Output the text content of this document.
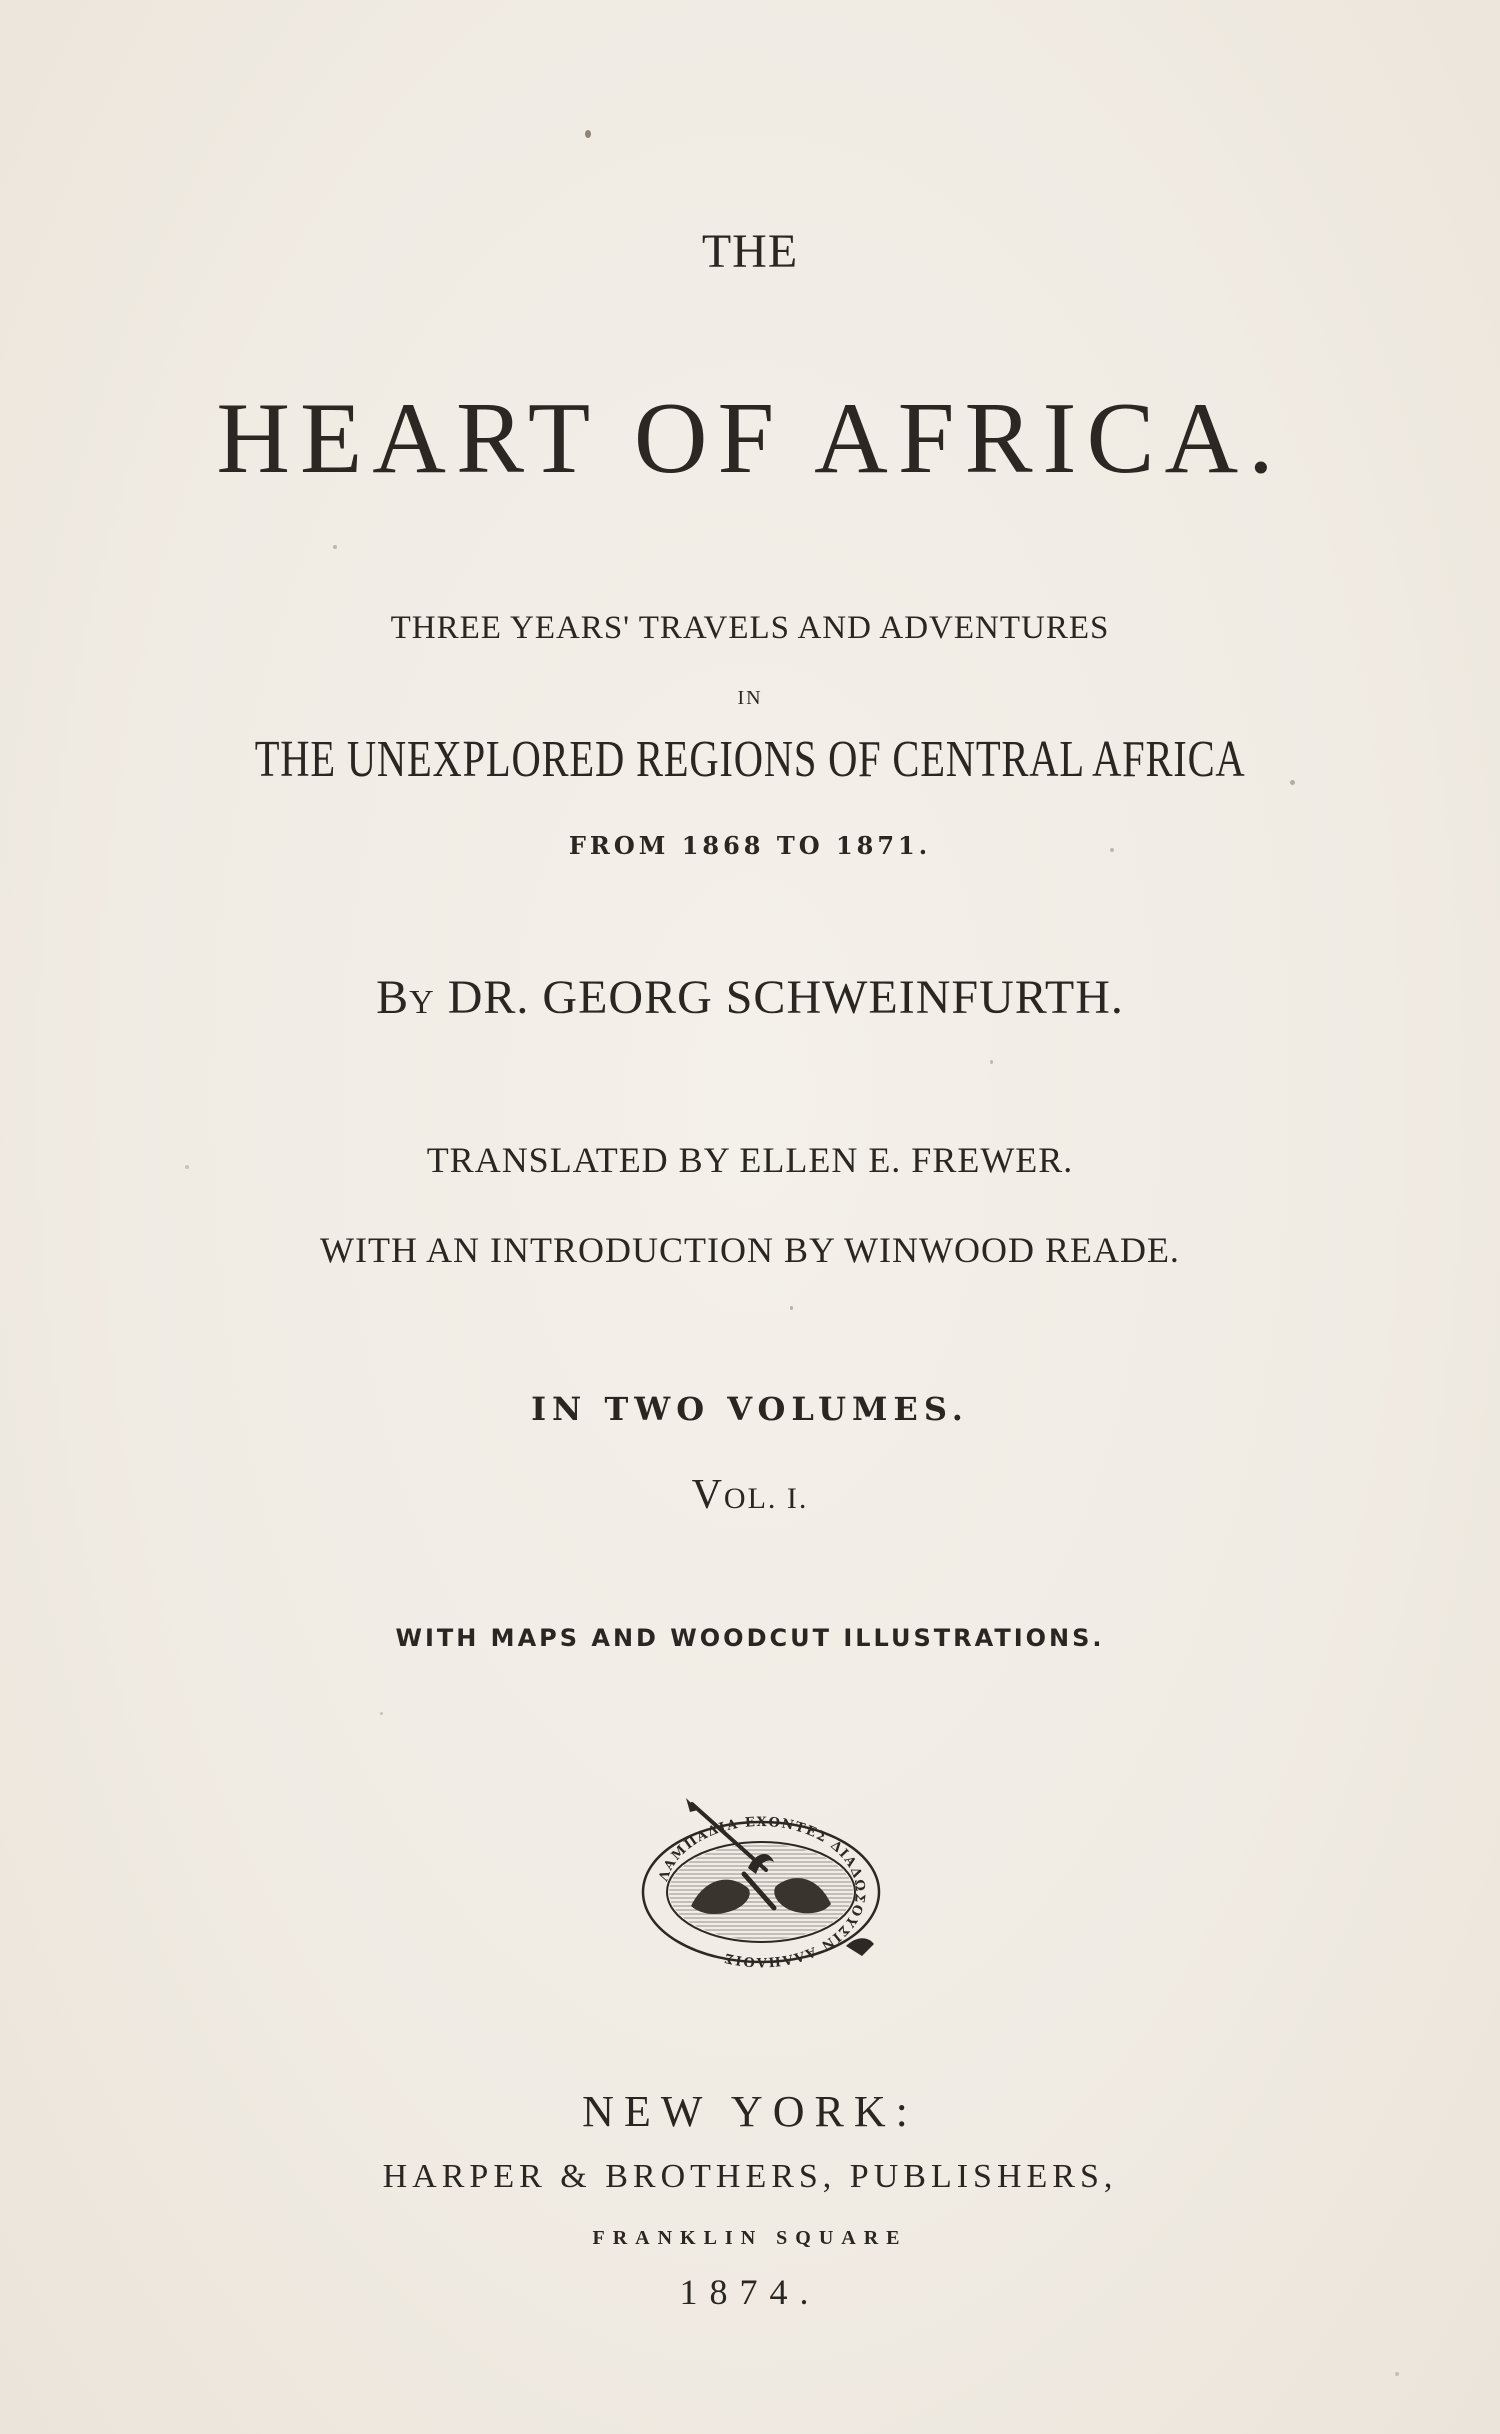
THE
HEART OF AFRICA.
THREE YEARS' TRAVELS AND ADVENTURES
IN
THE UNEXPLORED REGIONS OF CENTRAL AFRICA
FROM 1868 TO 1871.
BY DR. GEORG SCHWEINFURTH.
TRANSLATED BY ELLEN E. FREWER.
WITH AN INTRODUCTION BY WINWOOD READE.
IN TWO VOLUMES.
VOL. I.
WITH MAPS AND WOODCUT ILLUSTRATIONS.
ΛΑΜΠΑΔΙΑ ΕΧΟΝΤΕΣ ΔΙΑΔΩΣΟΥΣΙΝ ΑΛΛΗΛΟΙΣ
NEW YORK:
HARPER & BROTHERS, PUBLISHERS,
FRANKLIN SQUARE
1874.
